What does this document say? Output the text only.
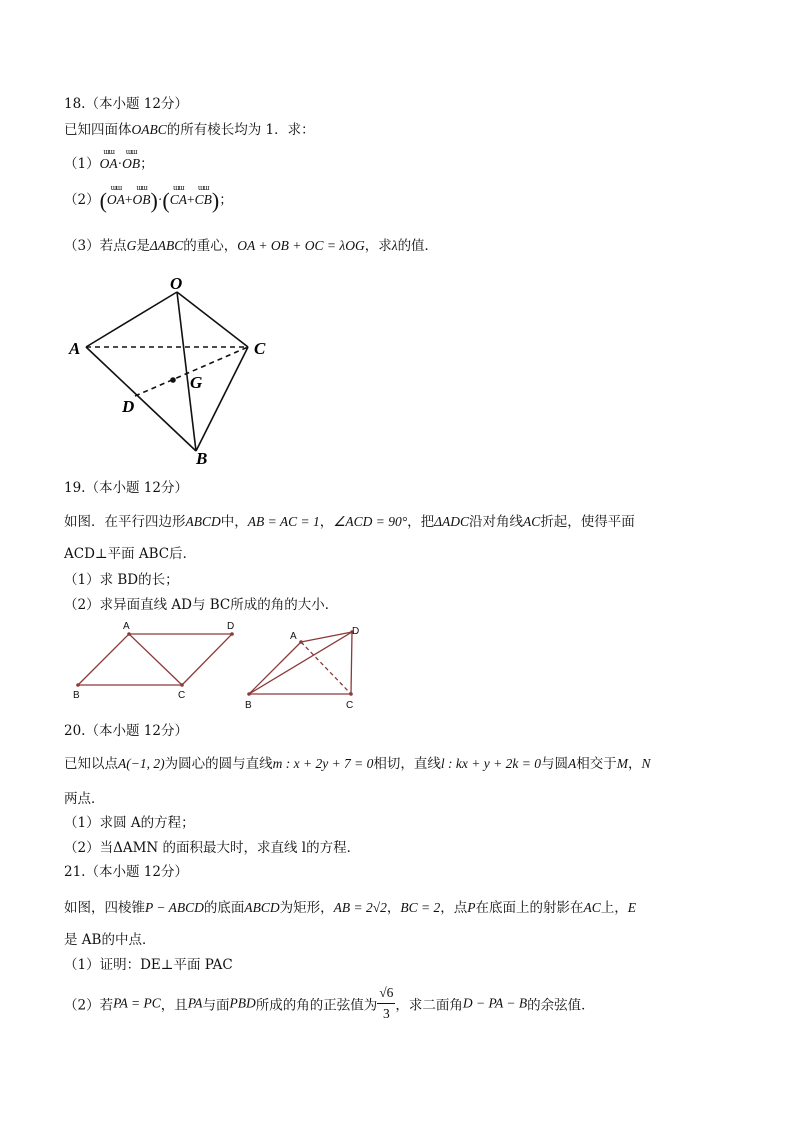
18.（本小题 12分）
已知四面体OABC的所有棱长均为 1．求：
（1）ɯɯ OA·ɯɯ OB；
（2）(ɯɯ OA+ɯɯ OB)·(ɯɯ CA+ɯɯ CB)；
（3）若点G是ΔABC的重心，OA + OB + OC = λOG，求λ的值．
O
A	C
G
D
B
19.（本小题 12分）
如图．在平行四边形ABCD中，AB = AC = 1，∠ACD = 90°，把ΔADC沿对角线AC折起，使得平面
ACD⊥平面 ABC后．
（1）求 BD的长；
（2）求异面直线 AD与 BC所成的角的大小．
A	D
B	C
A	D
B	C
20.（本小题 12分）
已知以点A(−1, 2)为圆心的圆与直线m : x + 2y + 7 = 0相切，直线l : kx + y + 2k = 0与圆A相交于M，N
两点．
（1）求圆 A的方程；
（2）当ΔAMN 的面积最大时，求直线 l的方程．
21.（本小题 12分）
如图，四棱锥P − ABCD的底面ABCD为矩形，AB = 2√2，BC = 2，点P在底面上的射影在AC上，E
是 AB的中点．
（1）证明：DE⊥平面 PAC
（2）若PA = PC，且PA与面PBD所成的角的正弦值为 $\frac{√6}{3}$ ，求二面角D − PA − B的余弦值．
